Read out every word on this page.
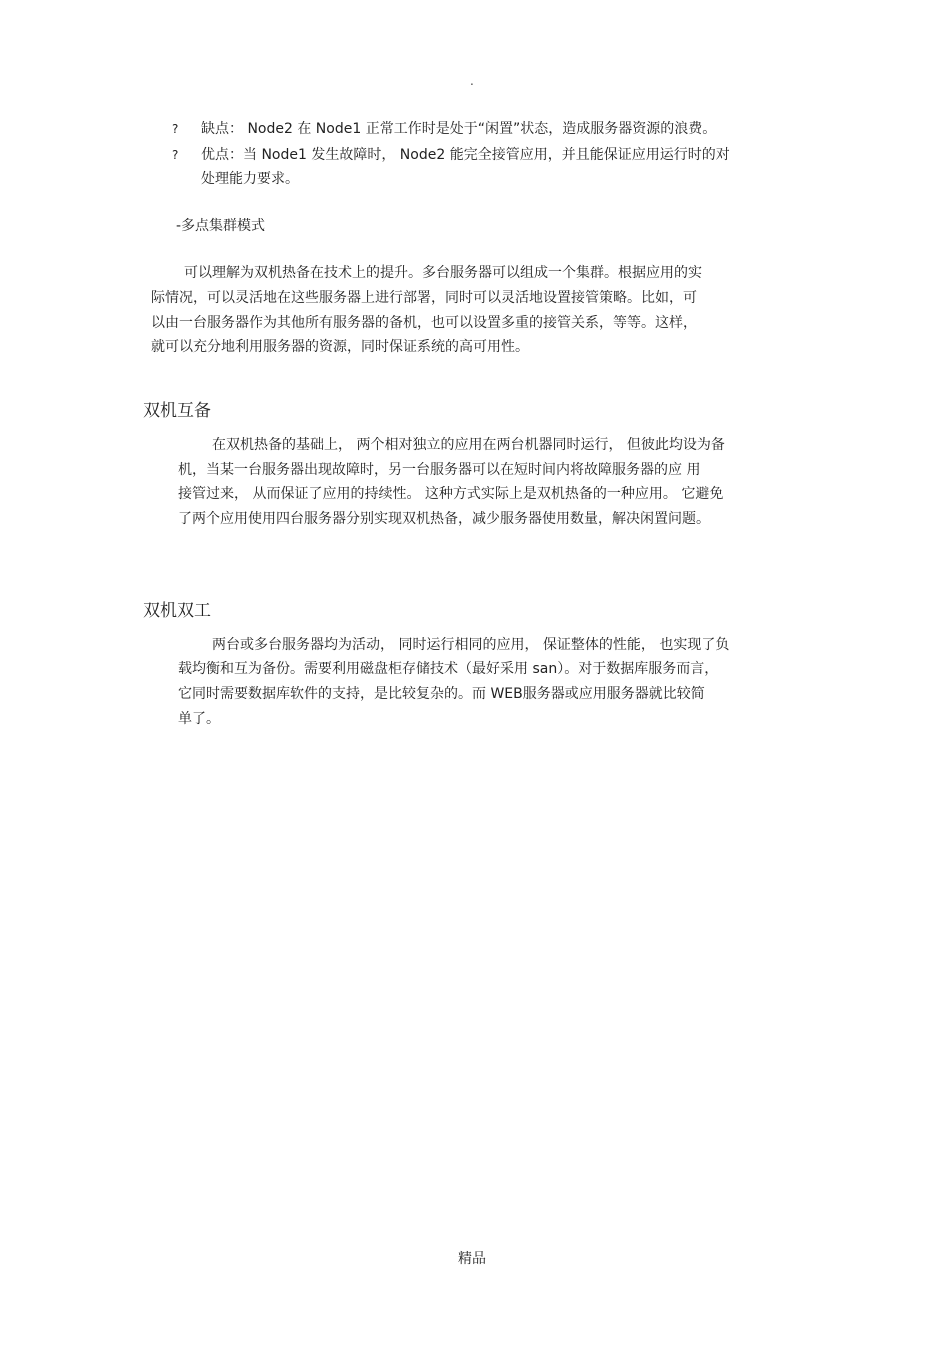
.
? 缺点： Node2 在 Node1 正常工作时是处于“闲置”状态，造成服务器资源的浪费。
? 优点：当 Node1 发生故障时， Node2 能完全接管应用，并且能保证应用运行时的对
处理能力要求。
-多点集群模式
可以理解为双机热备在技术上的提升。多台服务器可以组成一个集群。根据应用的实
际情况，可以灵活地在这些服务器上进行部署，同时可以灵活地设置接管策略。比如，可
以由一台服务器作为其他所有服务器的备机，也可以设置多重的接管关系，等等。这样，
就可以充分地利用服务器的资源，同时保证系统的高可用性。
双机互备
在双机热备的基础上， 两个相对独立的应用在两台机器同时运行， 但彼此均设为备
机，当某一台服务器出现故障时，另一台服务器可以在短时间内将故障服务器的应 用
接管过来， 从而保证了应用的持续性。 这种方式实际上是双机热备的一种应用。 它避免
了两个应用使用四台服务器分别实现双机热备，减少服务器使用数量，解决闲置问题。
双机双工
两台或多台服务器均为活动， 同时运行相同的应用， 保证整体的性能， 也实现了负
载均衡和互为备份。需要利用磁盘柜存储技术（最好采用 san）。对于数据库服务而言，
它同时需要数据库软件的支持，是比较复杂的。而 WEB服务器或应用服务器就比较简
单了。
精品
